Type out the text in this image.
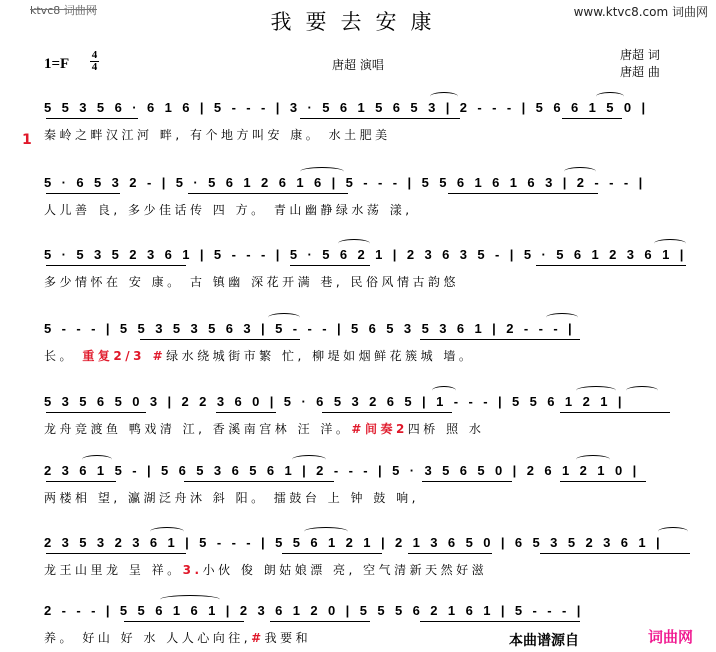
ktvc8 词曲网	www.ktvc8.com 词曲网
我要去安康
1=F
4
4	唐超 演唱
唐超 词
唐超 曲
1
5 5 3 5 6 · 6 1 6 | 5 - - - | 3 · 5 6 1 5 6 5 3 | 2 - - - | 5 6 6 1 5 0 |
秦岭之畔汉江河 畔, 有个地方叫安 康。 水土肥美
5 · 6 5 3 2 - | 5 · 5 6 1 2 6 1 6 | 5 - - - | 5 5 6 1 6 1 6 3 | 2 - - - |
人儿善 良, 多少佳话传 四 方。 青山幽静绿水荡 漾,
5 · 5 3 5 2 3 6 1 | 5 - - - | 5 · 5 6 2 1 | 2 3 6 3 5 - | 5 · 5 6 1 2 3 6 1 |
多少情怀在 安 康。 古 镇幽 深花开满 巷, 民俗风情古韵悠
5 - - - | 5 5 3 5 3 5 6 3 | 5 - - - | 5 6 5 3 5 3 6 1 | 2 - - - |
长。 重复2/3 #绿水绕城街市繁 忙, 柳堤如烟鲜花簇城 墙。
5 3 5 6 5 0 3 | 2 2 3 6 0 | 5 · 6 5 3 2 6 5 | 1 - - - | 5 5 6 1 2 1 |
龙舟竞渡鱼 鸭戏清 江, 香溪南宫林 汪 洋。#间奏2四桥 照 水
2 3 6 1 5 - | 5 6 5 3 6 5 6 1 | 2 - - - | 5 · 3 5 6 5 0 | 2 6 1 2 1 0 |
两楼相 望, 瀛湖泛舟沐 斜 阳。 擂鼓台 上 钟 鼓 响,
2 3 5 3 2 3 6 1 | 5 - - - | 5 5 6 1 2 1 | 2 1 3 6 5 0 | 6 5 3 5 2 3 6 1 |
龙王山里龙 呈 祥。3.小伙 俊 朗姑娘漂 亮, 空气清新天然好滋
2 - - - | 5 5 6 1 6 1 | 2 3 6 1 2 0 | 5 5 5 6 2 1 6 1 | 5 - - - |
养。 好山 好 水 人人心向往,#我要和	本曲谱源自	词曲网
